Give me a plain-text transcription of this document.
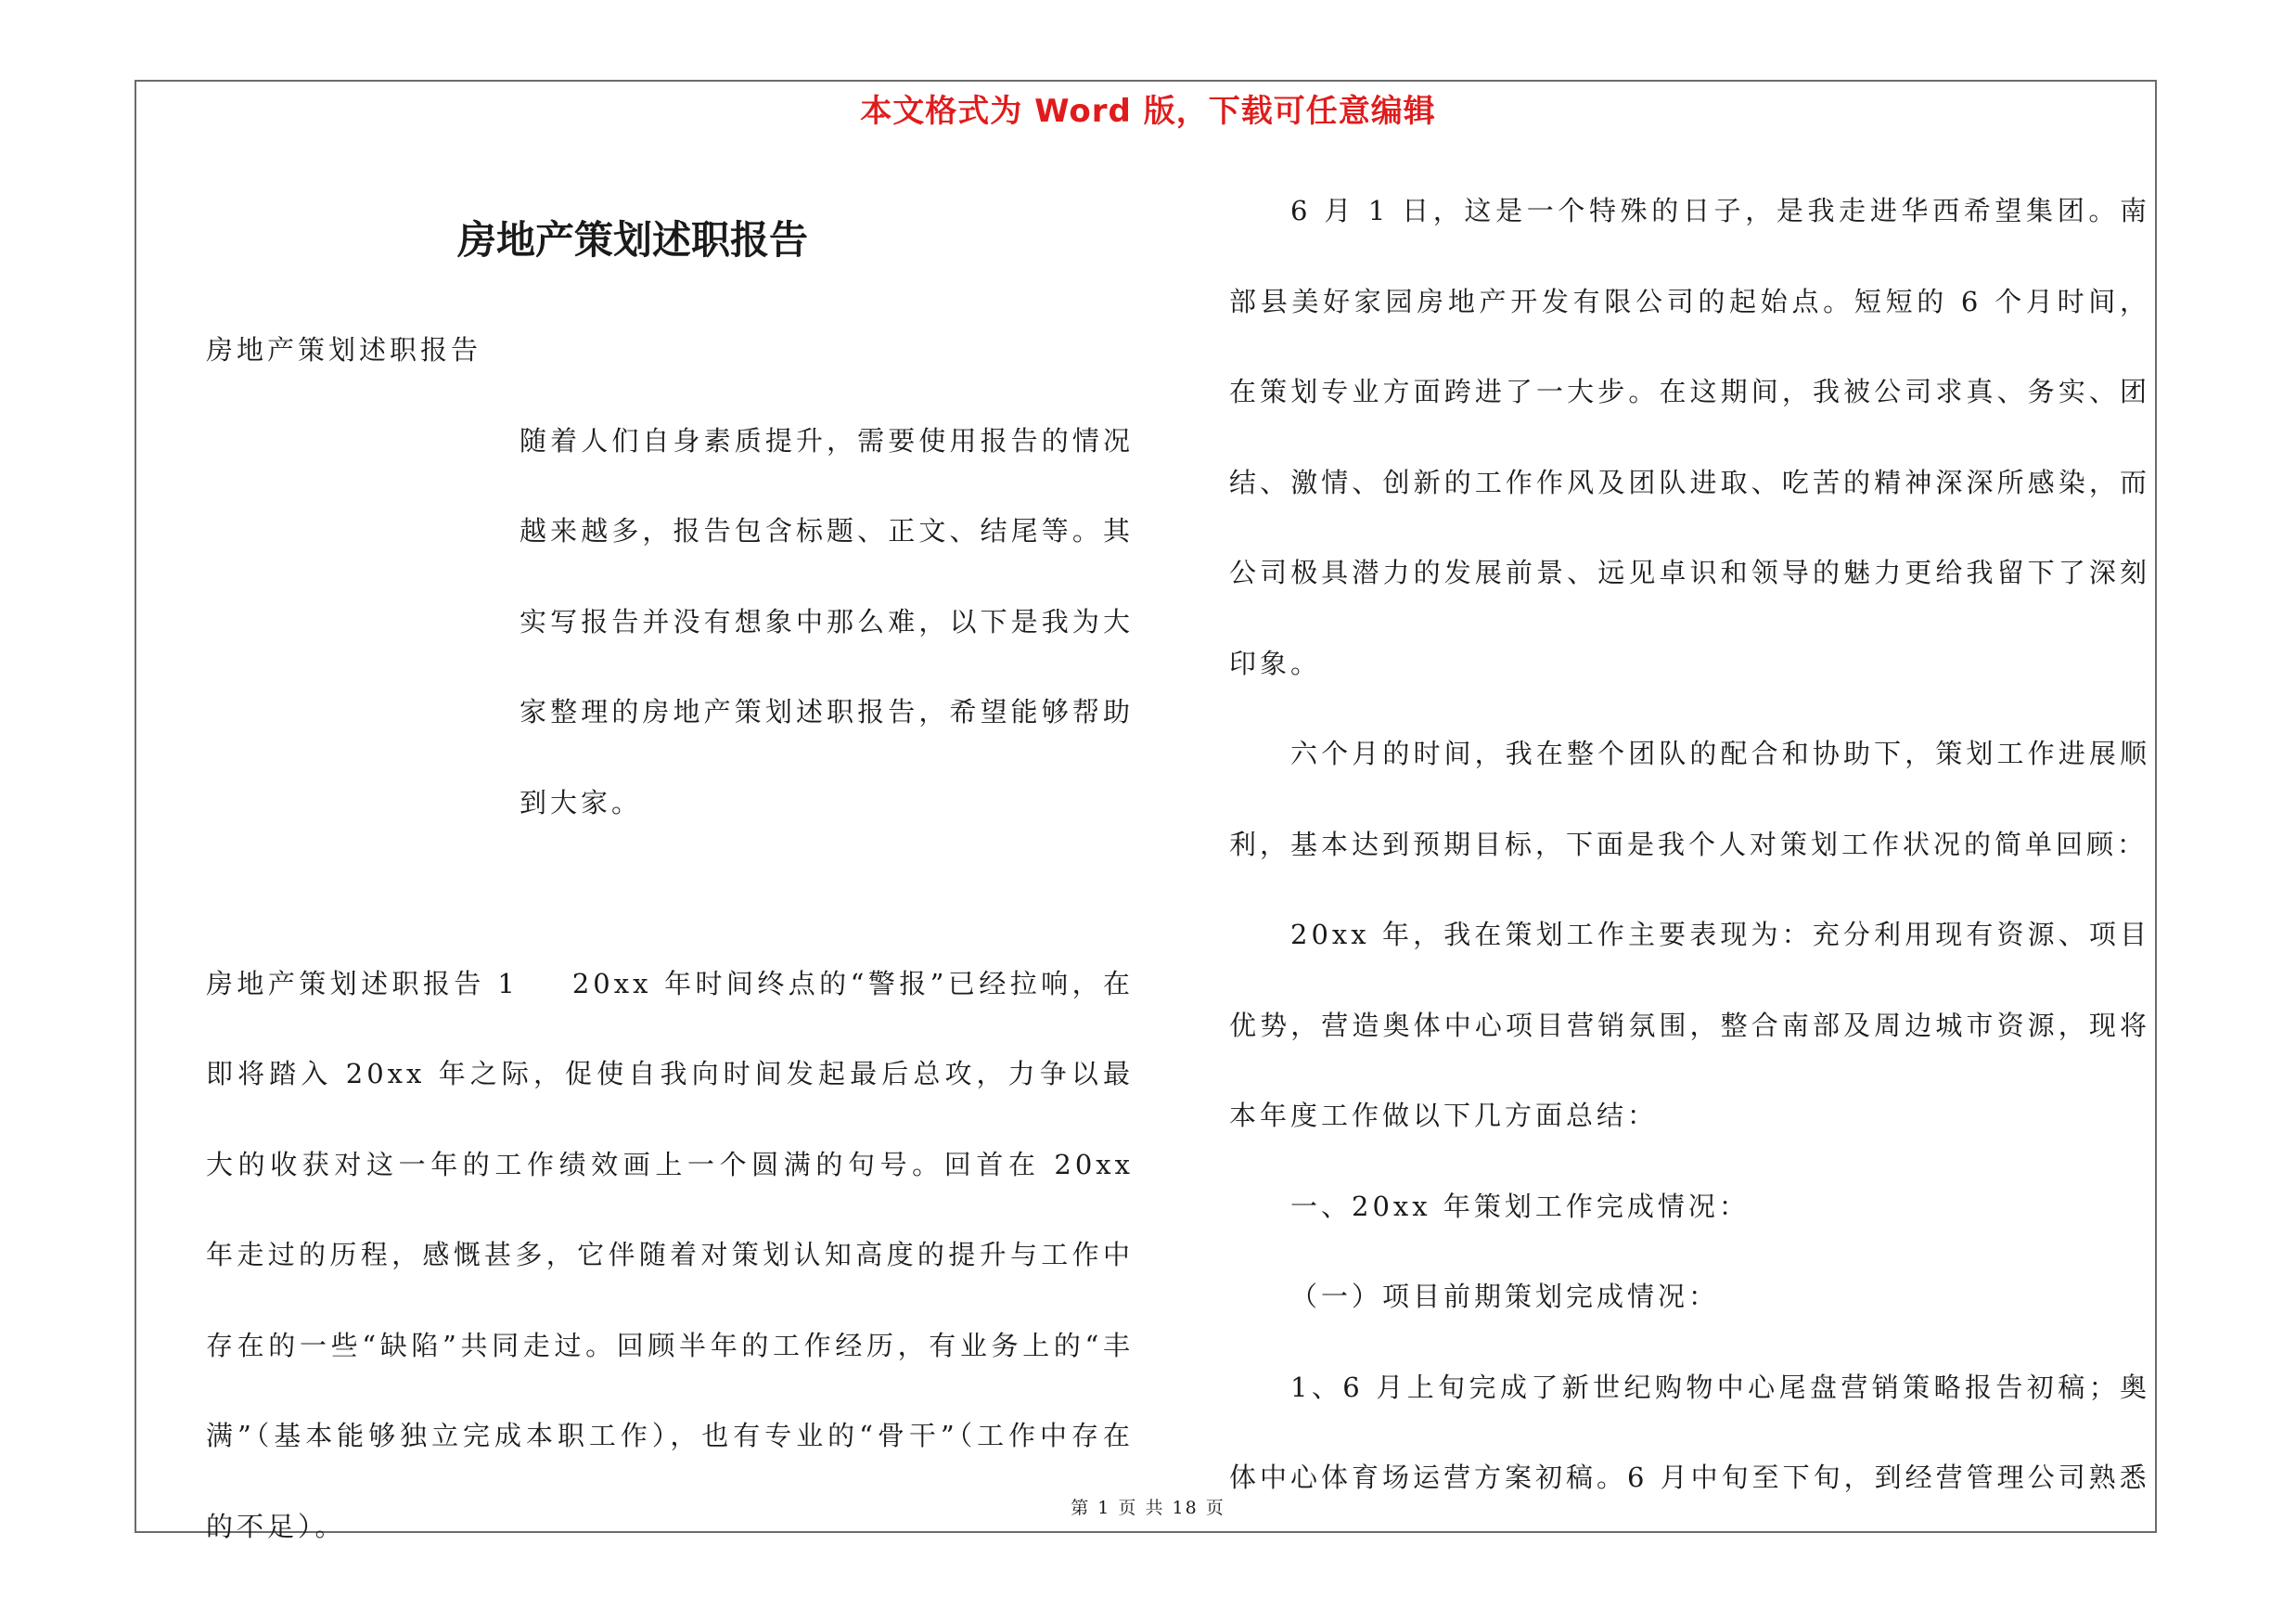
本文格式为 Word 版，下载可任意编辑
房地产策划述职报告

房地产策划述职报告

随着人们自身素质提升，需要使用报告的情况越来越多，报告包含标题、正文、结尾等。其实写报告并没有想象中那么难，以下是我为大家整理的房地产策划述职报告，希望能够帮助到大家。

房地产策划述职报告 1 20xx 年时间终点的“警报”已经拉响，在即将踏入 20xx 年之际，促使自我向时间发起最后总攻，力争以最大的收获对这一年的工作绩效画上一个圆满的句号。回首在 20xx 年走过的历程，感慨甚多，它伴随着对策划认知高度的提升与工作中存在的一些“缺陷”共同走过。回顾半年的工作经历，有业务上的“丰满”（基本能够独立完成本职工作），也有专业的“骨干”（工作中存在的不足）。

6 月 1 日，这是一个特殊的日子，是我走进华西希望集团。南部县美好家园房地产开发有限公司的起始点。短短的 6 个月时间，在策划专业方面跨进了一大步。在这期间，我被公司求真、务实、团结、激情、创新的工作作风及团队进取、吃苦的精神深深所感染，而公司极具潜力的发展前景、远见卓识和领导的魅力更给我留下了深刻印象。

六个月的时间，我在整个团队的配合和协助下，策划工作进展顺利，基本达到预期目标，下面是我个人对策划工作状况的简单回顾：

20xx 年，我在策划工作主要表现为：充分利用现有资源、项目优势，营造奥体中心项目营销氛围，整合南部及周边城市资源，现将本年度工作做以下几方面总结：

一、20xx 年策划工作完成情况：

（一）项目前期策划完成情况：

1、6 月上旬完成了新世纪购物中心尾盘营销策略报告初稿；奥体中心体育场运营方案初稿。6 月中旬至下旬，到经营管理公司熟悉

第 1 页 共 18 页
